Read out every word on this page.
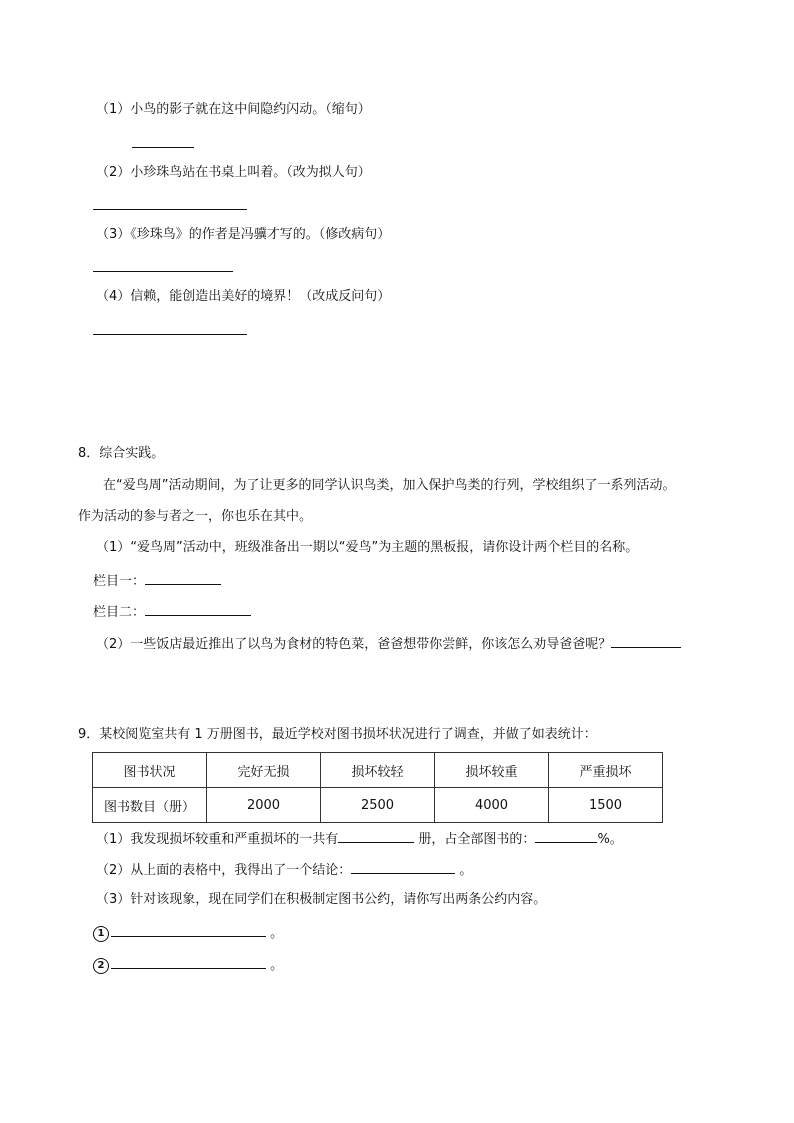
（1）小鸟的影子就在这中间隐约闪动。（缩句）
（2）小珍珠鸟站在书桌上叫着。（改为拟人句）
（3）《珍珠鸟》的作者是冯骥才写的。（修改病句）
（4）信赖，能创造出美好的境界！（改成反问句）
8．综合实践。
在“爱鸟周”活动期间，为了让更多的同学认识鸟类，加入保护鸟类的行列，学校组织了一系列活动。
作为活动的参与者之一，你也乐在其中。
（1）“爱鸟周”活动中，班级准备出一期以“爱鸟”为主题的黑板报，请你设计两个栏目的名称。
栏目一：
栏目二：
（2）一些饭店最近推出了以鸟为食材的特色菜，爸爸想带你尝鲜，你该怎么劝导爸爸呢？
9．某校阅览室共有 1 万册图书，最近学校对图书损坏状况进行了调查，并做了如表统计：
图书状况	完好无损	损坏较轻	损坏较重	严重损坏
图书数目（册）	2000	2500	4000	1500
（1）我发现损坏较重和严重损坏的一共有	册，占全部图书的：	%。
（2）从上面的表格中，我得出了一个结论：	。
（3）针对该现象，现在同学们在积极制定图书公约，请你写出两条公约内容。
1	。
2	。
